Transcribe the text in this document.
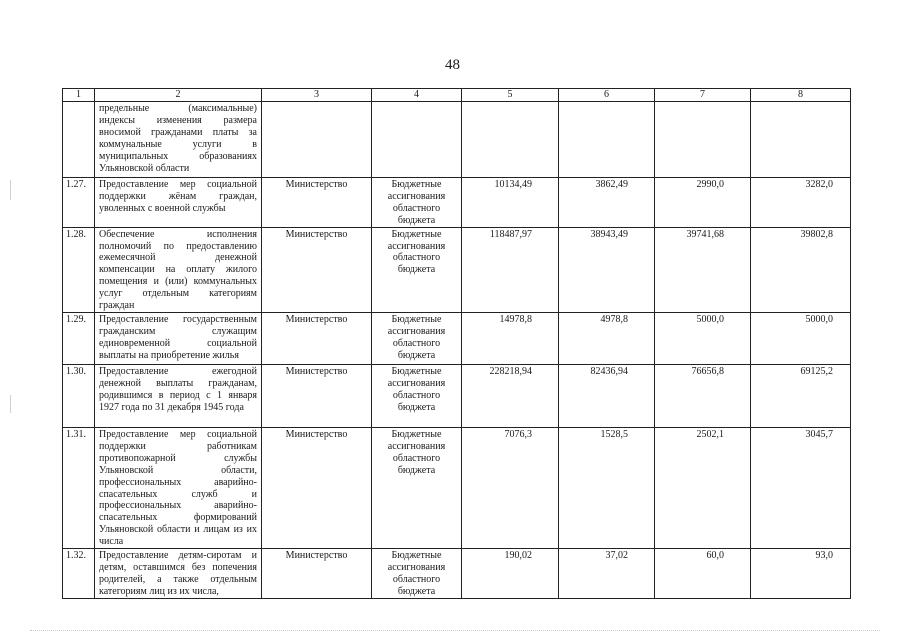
48
1	2	3	4	5	6	7	8
	предельные (максимальные) индексы изменения размера вносимой гражданами платы за коммунальные услуги в муниципальных образованиях Ульяновской области						
1.27.	Предоставление мер социальной поддержки жёнам граждан, уволенных с военной службы	Министерство	Бюджетные ассигнования областного бюджета	10134,49	3862,49	2990,0	3282,0
1.28.	Обеспечение исполнения полномочий по предоставлению ежемесячной денежной компенсации на оплату жилого помещения и (или) коммунальных услуг отдельным категориям граждан	Министерство	Бюджетные ассигнования областного бюджета	118487,97	38943,49	39741,68	39802,8
1.29.	Предоставление государственным гражданским служащим единовременной социальной выплаты на приобретение жилья	Министерство	Бюджетные ассигнования областного бюджета	14978,8	4978,8	5000,0	5000,0
1.30.	Предоставление ежегодной денежной выплаты гражданам, родившимся в период с 1 января 1927 года по 31 декабря 1945 года	Министерство	Бюджетные ассигнования областного бюджета	228218,94	82436,94	76656,8	69125,2
1.31.	Предоставление мер социальной поддержки работникам противопожарной службы Ульяновской области, профессиональных аварийно-спасательных служб и профессиональных аварийно-спасательных формирований Ульяновской области и лицам из их числа	Министерство	Бюджетные ассигнования областного бюджета	7076,3	1528,5	2502,1	3045,7
1.32.	Предоставление детям-сиротам и детям, оставшимся без попечения родителей, а также отдельным категориям лиц из их числа,	Министерство	Бюджетные ассигнования областного бюджета	190,02	37,02	60,0	93,0
